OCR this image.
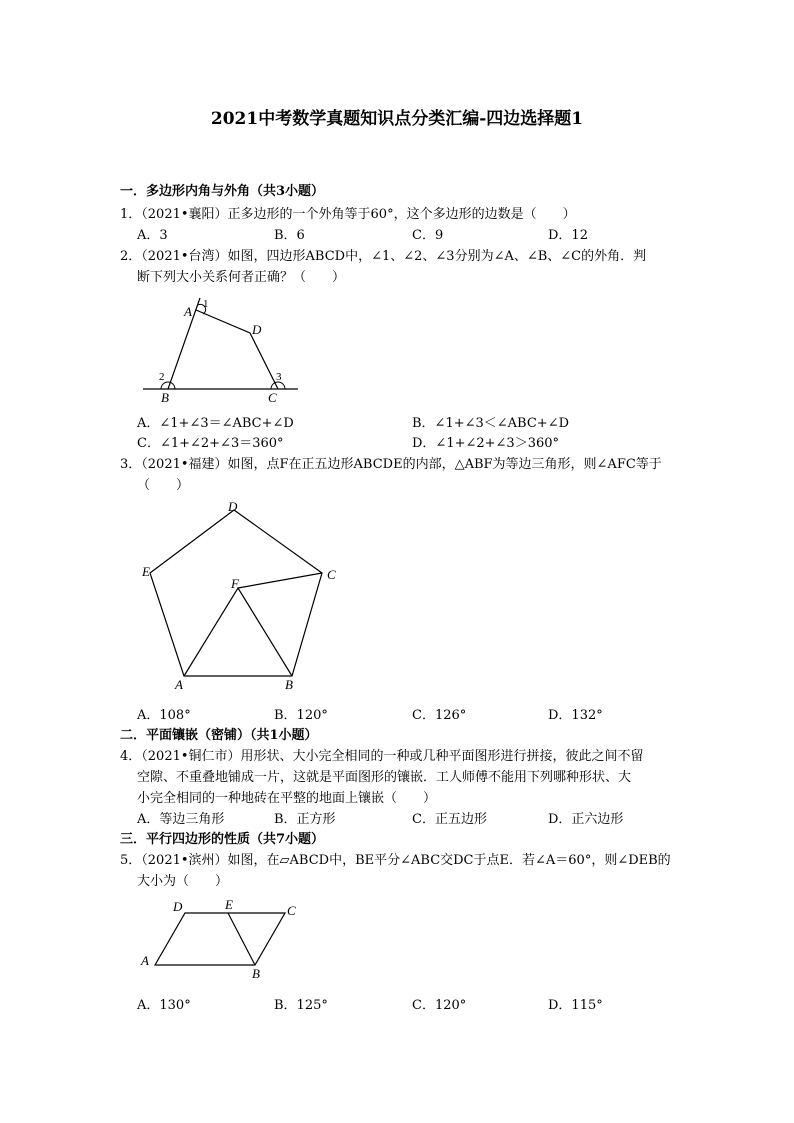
2021中考数学真题知识点分类汇编-四边选择题1
一．多边形内角与外角（共3小题）
1．（2021•襄阳）正多边形的一个外角等于60°，这个多边形的边数是（　　）
A．3	B．6	C．9	D．12
2．（2021•台湾）如图，四边形ABCD中，∠1、∠2、∠3分别为∠A、∠B、∠C的外角．判
断下列大小关系何者正确？（　　）
A
D
B	C
1
2	3
A．∠1+∠3＝∠ABC+∠D	B．∠1+∠3＜∠ABC+∠D
C．∠1+∠2+∠3＝360°	D．∠1+∠2+∠3＞360°
3．（2021•福建）如图，点F在正五边形ABCDE的内部，△ABF为等边三角形，则∠AFC等于
（　　）
D
E	C
F
A	B
A．108°	B．120°	C．126°	D．132°
二．平面镶嵌（密铺）（共1小题）
4．（2021•铜仁市）用形状、大小完全相同的一种或几种平面图形进行拼接，彼此之间不留
空隙、不重叠地铺成一片，这就是平面图形的镶嵌．工人师傅不能用下列哪种形状、大
小完全相同的一种地砖在平整的地面上镶嵌（　　）
A．等边三角形	B．正方形	C．正五边形	D．正六边形
三．平行四边形的性质（共7小题）
5．（2021•滨州）如图，在▱ABCD中，BE平分∠ABC交DC于点E．若∠A＝60°，则∠DEB的
大小为（　　）
D	E	C
A
B
A．130°	B．125°	C．120°	D．115°
